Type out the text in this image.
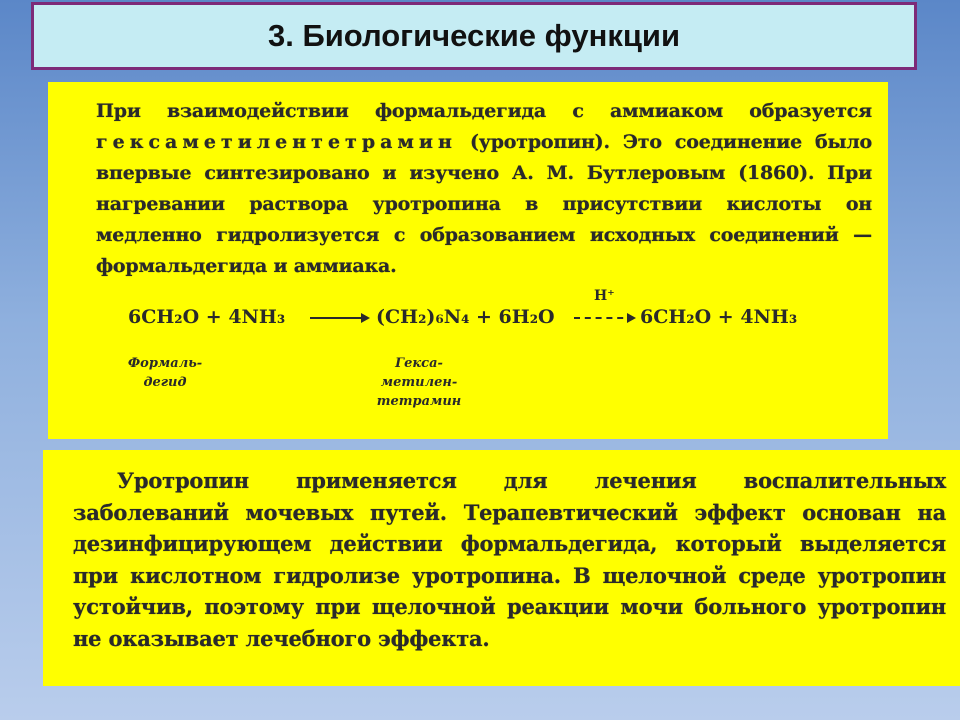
3. Биологические функции

При взаимодействии формальдегида с аммиаком образуется гексаметилентетрамин (уротропин). Это соединение было впервые синтезировано и изучено А. М. Бутлеровым (1860). При нагревании раствора уротропина в присутствии кислоты он медленно гидролизуется с образованием исходных соединений — формальдегида и аммиака.

6CH₂O + 4NH₃ → (CH₂)₆N₄ + 6H₂O
H⁺
6CH₂O + 4NH₃
Формаль-
дегид
Гекса-
метилен-
тетрамин

Уротропин применяется для лечения воспалительных заболеваний мочевых путей. Терапевтический эффект основан на дезинфицирующем действии формальдегида, который выделяется при кислотном гидролизе уротропина. В щелочной среде уротропин устойчив, поэтому при щелочной реакции мочи больного уротропин не оказывает лечебного эффекта.
